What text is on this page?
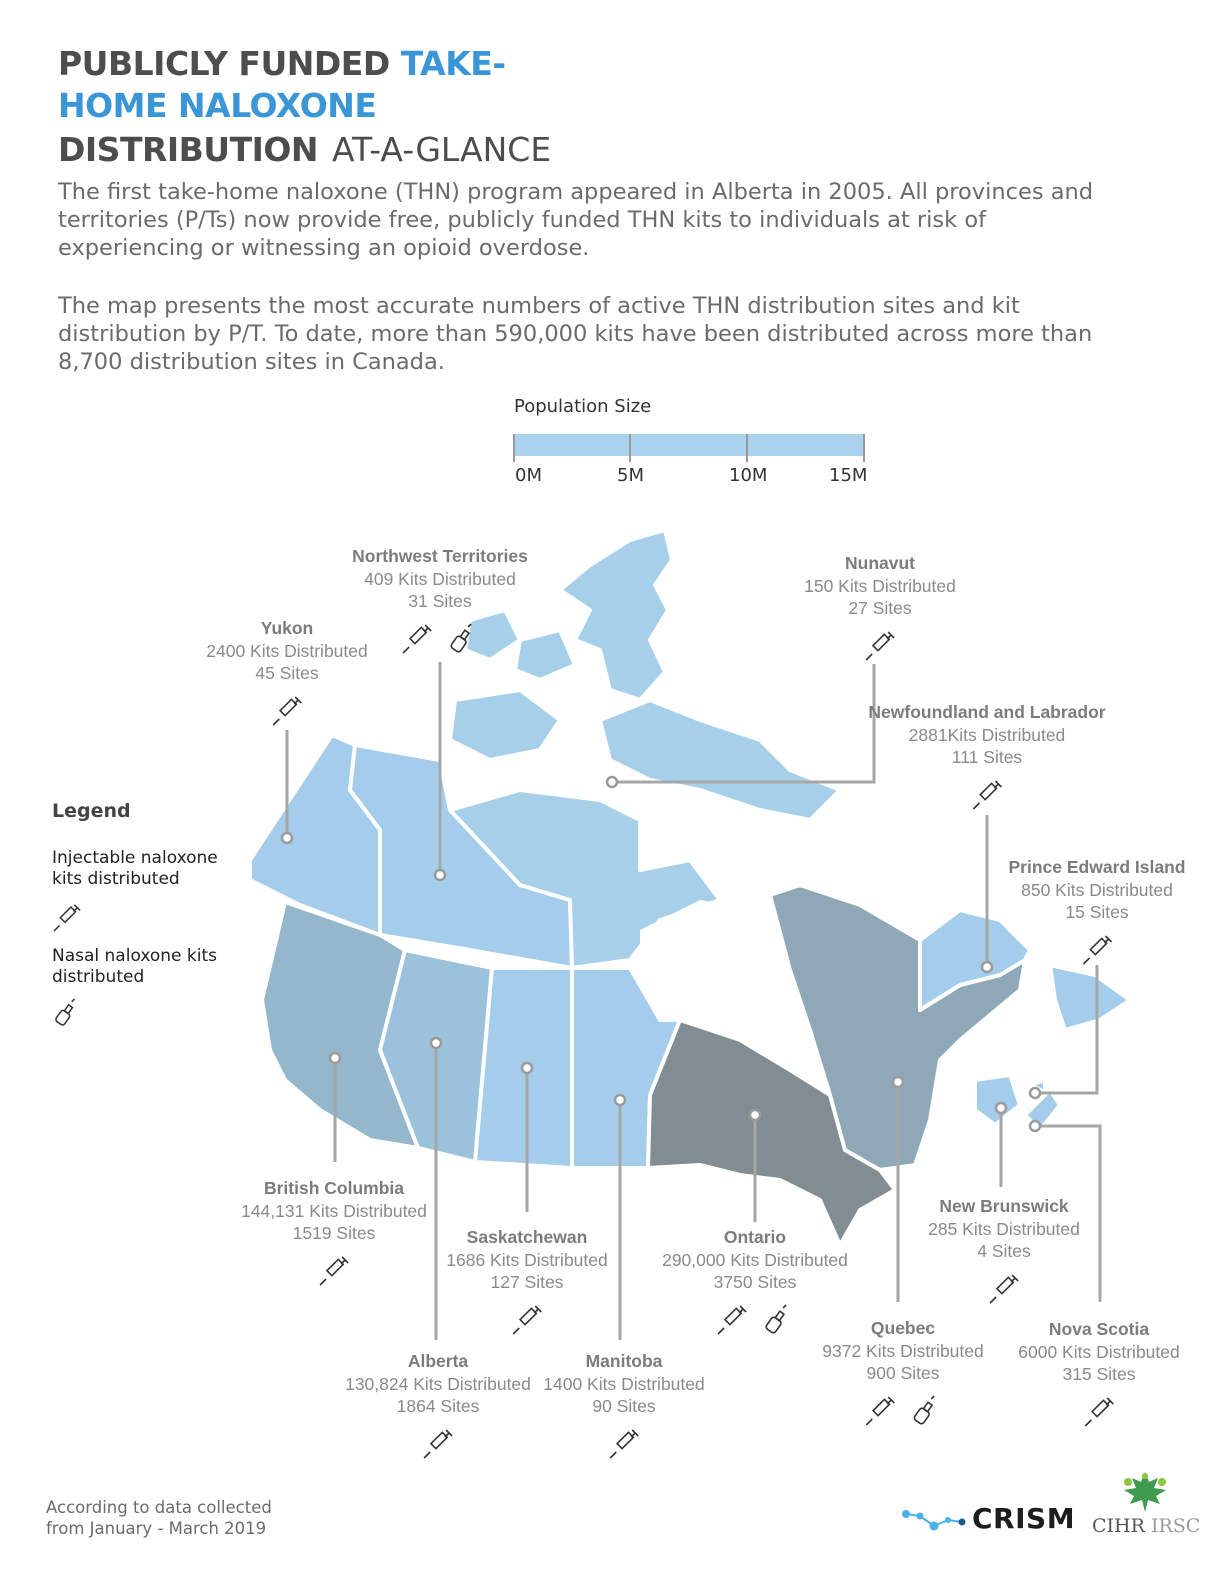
PUBLICLY FUNDED TAKE-
HOME NALOXONE
DISTRIBUTION AT-A-GLANCE
The first take-home naloxone (THN) program appeared in Alberta in 2005. All provinces and territories (P/Ts) now provide free, publicly funded THN kits to individuals at risk of experiencing or witnessing an opioid overdose.
The map presents the most accurate numbers of active THN distribution sites and kit distribution by P/T. To date, more than 590,000 kits have been distributed across more than 8,700 distribution sites in Canada.
Population Size
0M	5M	10M	15M
Yukon
2400 Kits Distributed
45 Sites
Northwest Territories
409 Kits Distributed
31 Sites
Nunavut
150 Kits Distributed
27 Sites
Newfoundland and Labrador
2881Kits Distributed
111 Sites
Prince Edward Island
850 Kits Distributed
15 Sites
British Columbia
144,131 Kits Distributed
1519 Sites	Saskatchewan
1686 Kits Distributed
127 Sites
Ontario
290,000 Kits Distributed
3750 Sites
New Brunswick
285 Kits Distributed
4 Sites
Alberta
130,824 Kits Distributed
1864 Sites
Manitoba
1400 Kits Distributed
90 Sites
Quebec
9372 Kits Distributed
900 Sites
Nova Scotia
6000 Kits Distributed
315 Sites
Legend
Injectable naloxone kits distributed
Nasal naloxone kits distributed
According to data collected
from January - March 2019	CRISM CIHR IRSC
